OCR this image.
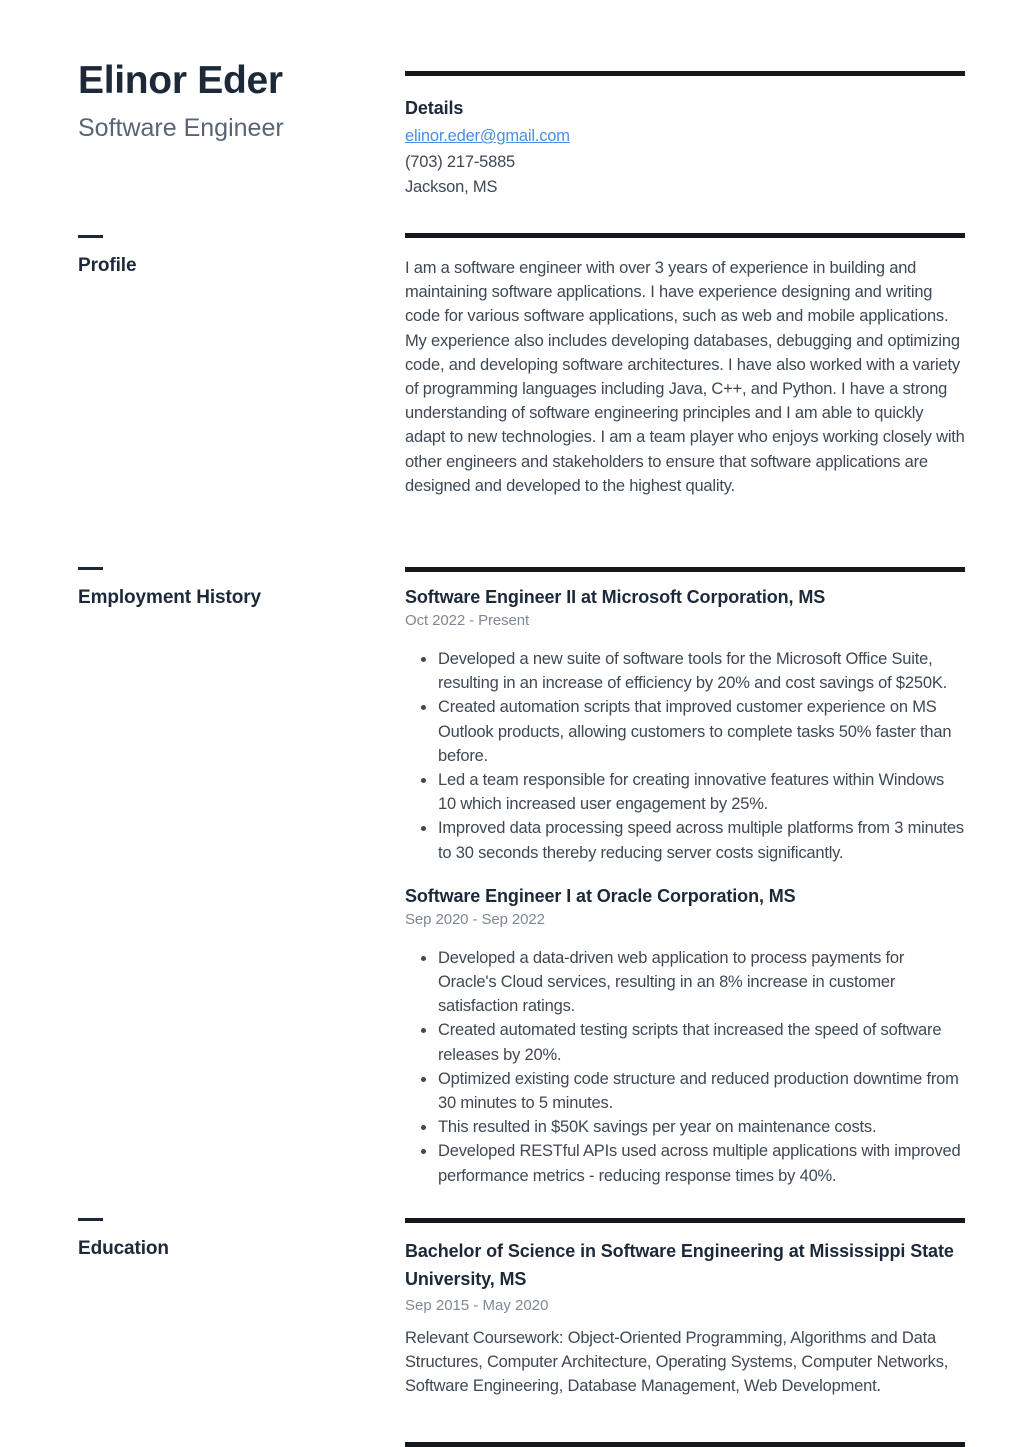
Elinor Eder
Software Engineer
Profile
Employment History
Education
Details
elinor.eder@gmail.com
(703) 217-5885
Jackson, MS

I am a software engineer with over 3 years of experience in building and maintaining software applications. I have experience designing and writing code for various software applications, such as web and mobile applications. My experience also includes developing databases, debugging and optimizing code, and developing software architectures. I have also worked with a variety of programming languages including Java, C++, and Python. I have a strong understanding of software engineering principles and I am able to quickly adapt to new technologies. I am a team player who enjoys working closely with other engineers and stakeholders to ensure that software applications are designed and developed to the highest quality.

Software Engineer II at Microsoft Corporation, MS
Oct 2022 - Present
• Developed a new suite of software tools for the Microsoft Office Suite, resulting in an increase of efficiency by 20% and cost savings of $250K.
• Created automation scripts that improved customer experience on MS Outlook products, allowing customers to complete tasks 50% faster than before.
• Led a team responsible for creating innovative features within Windows 10 which increased user engagement by 25%.
• Improved data processing speed across multiple platforms from 3 minutes to 30 seconds thereby reducing server costs significantly.
Software Engineer I at Oracle Corporation, MS
Sep 2020 - Sep 2022
• Developed a data-driven web application to process payments for Oracle's Cloud services, resulting in an 8% increase in customer satisfaction ratings.
• Created automated testing scripts that increased the speed of software releases by 20%.
• Optimized existing code structure and reduced production downtime from 30 minutes to 5 minutes.
• This resulted in $50K savings per year on maintenance costs.
• Developed RESTful APIs used across multiple applications with improved performance metrics - reducing response times by 40%.
Bachelor of Science in Software Engineering at Mississippi State University, MS
Sep 2015 - May 2020

Relevant Coursework: Object-Oriented Programming, Algorithms and Data Structures, Computer Architecture, Operating Systems, Computer Networks, Software Engineering, Database Management, Web Development.
